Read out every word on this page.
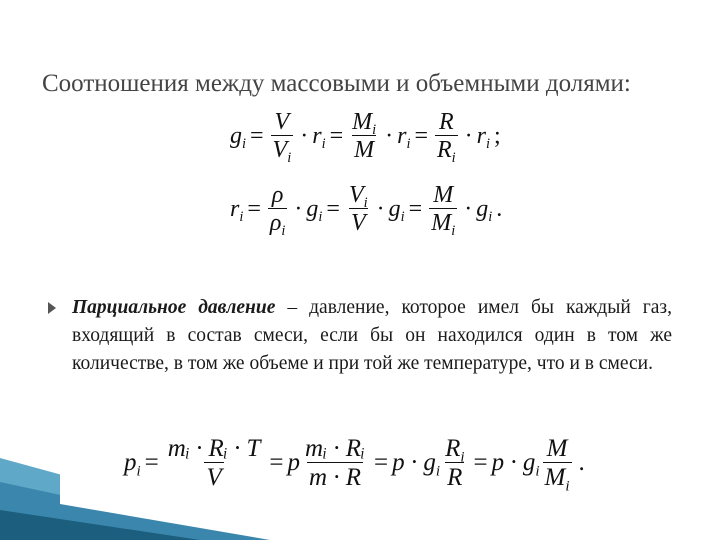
Соотношения между массовыми и объемными долями:
$g_i = \frac{V}{V_i} \cdot r_i = \frac{M_i}{M} \cdot r_i = \frac{R}{R_i} \cdot r_i$ ;
$r_i = \frac{\rho}{\rho_i} \cdot g_i = \frac{V_i}{V} \cdot g_i = \frac{M}{M_i} \cdot g_i$ .
Парциальное давление – давление, которое имел бы каждый газ, входящий в состав смеси, если бы он находился один в том же количестве, в том же объеме и при той же температуре, что и в смеси.
$p_i = \frac{\text{mᵢ · Rᵢ · T}}{V} = p \frac{\text{mᵢ · Rᵢ}}{m \cdot R} = p \cdot g_i \frac{R_i}{R} = p \cdot g_i \frac{M}{M_i}$ .
